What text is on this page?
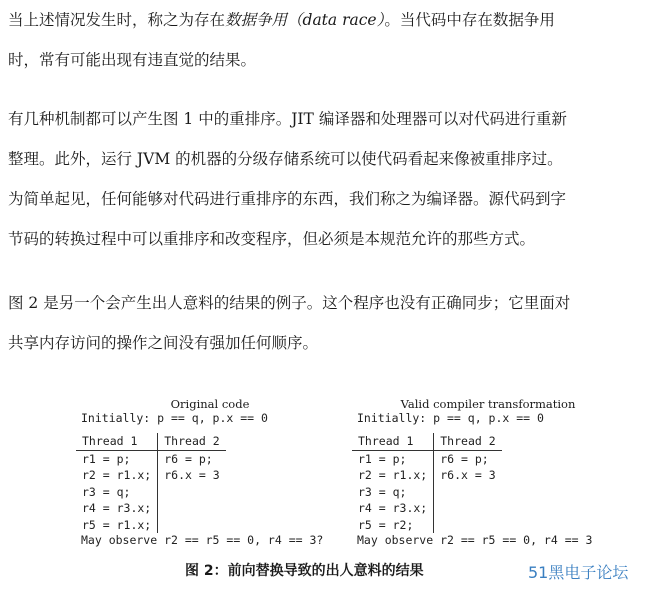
当上述情况发生时，称之为存在数据争用（data race）。当代码中存在数据争用

时，常有可能出现有违直觉的结果。

有几种机制都可以产生图 1 中的重排序。JIT 编译器和处理器可以对代码进行重新

整理。此外，运行 JVM 的机器的分级存储系统可以使代码看起来像被重排序过。

为简单起见，任何能够对代码进行重排序的东西，我们称之为编译器。源代码到字

节码的转换过程中可以重排序和改变程序，但必须是本规范允许的那些方式。

图 2 是另一个会产生出人意料的结果的例子。这个程序也没有正确同步；它里面对

共享内存访问的操作之间没有强加任何顺序。

Original code
Initially: p == q, p.x == 0
Thread 1	Thread 2
r1 = p;	r6 = p;
r2 = r1.x;	r6.x = 3
r3 = q;	
r4 = r3.x;	
r5 = r1.x;	
May observe r2 == r5 == 0, r4 == 3?
Valid compiler transformation
Initially: p == q, p.x == 0
Thread 1	Thread 2
r1 = p;	r6 = p;
r2 = r1.x;	r6.x = 3
r3 = q;	
r4 = r3.x;	
r5 = r2;	
May observe r2 == r5 == 0, r4 == 3
图 2：前向替换导致的出人意料的结果	51黑电子论坛
